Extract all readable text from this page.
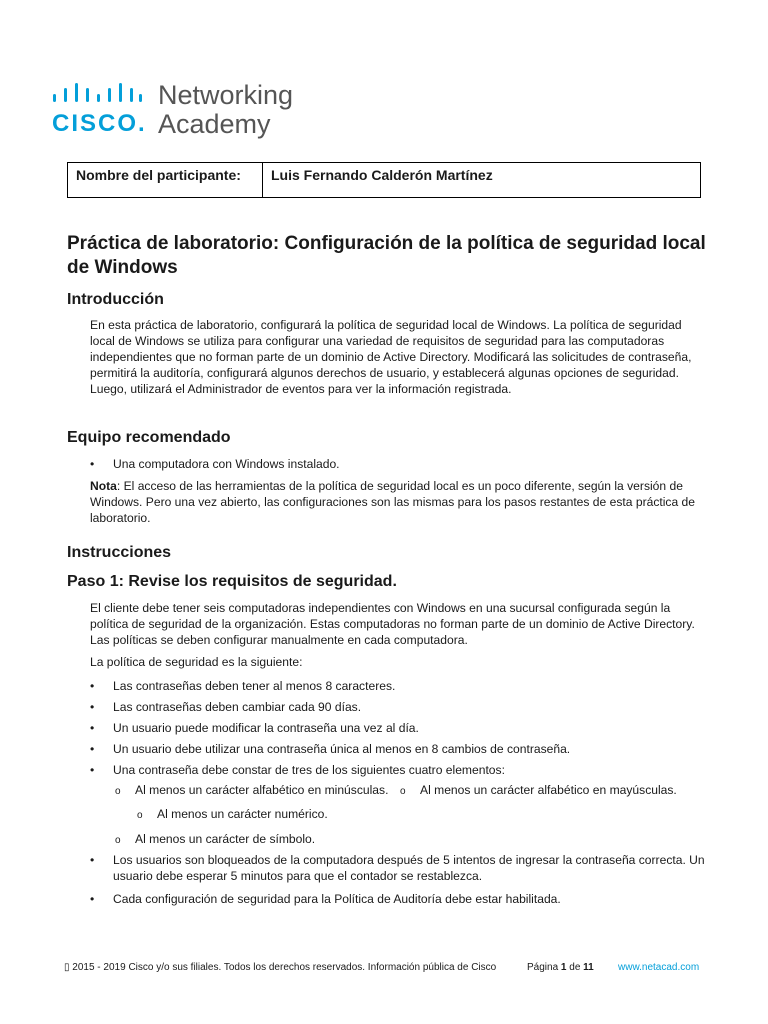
CISCO.
Networking
Academy
Nombre del participante:	Luis Fernando Calderón Martínez
Práctica de laboratorio: Configuración de la política de seguridad local de Windows
Introducción

En esta práctica de laboratorio, configurará la política de seguridad local de Windows. La política de seguridad local de Windows se utiliza para configurar una variedad de requisitos de seguridad para las computadoras independientes que no forman parte de un dominio de Active Directory. Modificará las solicitudes de contraseña, permitirá la auditoría, configurará algunos derechos de usuario, y establecerá algunas opciones de seguridad. Luego, utilizará el Administrador de eventos para ver la información registrada.

Equipo recomendado
• Una computadora con Windows instalado.

Nota: El acceso de las herramientas de la política de seguridad local es un poco diferente, según la versión de Windows. Pero una vez abierto, las configuraciones son las mismas para los pasos restantes de esta práctica de laboratorio.

Instrucciones
Paso 1: Revise los requisitos de seguridad.

El cliente debe tener seis computadoras independientes con Windows en una sucursal configurada según la política de seguridad de la organización. Estas computadoras no forman parte de un dominio de Active Directory. Las políticas se deben configurar manualmente en cada computadora.

La política de seguridad es la siguiente:

• Las contraseñas deben tener al menos 8 caracteres.
• Las contraseñas deben cambiar cada 90 días.
• Un usuario puede modificar la contraseña una vez al día.
• Un usuario debe utilizar una contraseña única al menos en 8 cambios de contraseña.
• Una contraseña debe constar de tres de los siguientes cuatro elementos:
o Al menos un carácter alfabético en minúsculas. o Al menos un carácter alfabético en mayúsculas.
o Al menos un carácter numérico.
o Al menos un carácter de símbolo.
• Los usuarios son bloqueados de la computadora después de 5 intentos de ingresar la contraseña correcta. Un usuario debe esperar 5 minutos para que el contador se restablezca.
• Cada configuración de seguridad para la Política de Auditoría debe estar habilitada.
▯ 2015 - 2019 Cisco y/o sus filiales. Todos los derechos reservados. Información pública de Cisco	Página 1 de 11 www.netacad.com
